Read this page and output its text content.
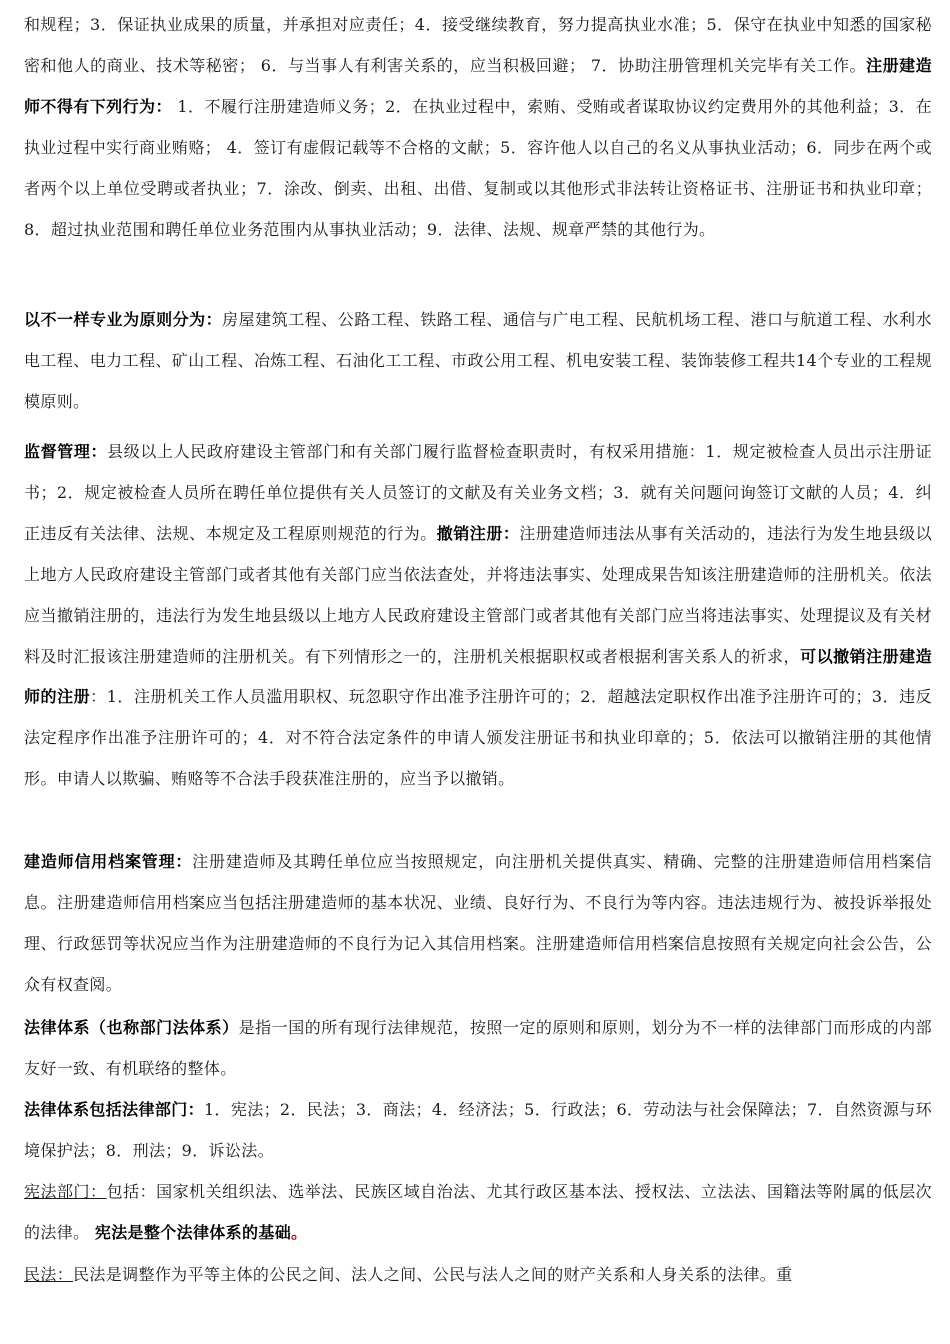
和规程；3．保证执业成果的质量，并承担对应责任；4．接受继续教育，努力提高执业水准；5．保守在执业中知悉的国家秘密和他人的商业、技术等秘密； 6．与当事人有利害关系的，应当积极回避； 7．协助注册管理机关完毕有关工作。注册建造师不得有下列行为： 1．不履行注册建造师义务；2．在执业过程中，索贿、受贿或者谋取协议约定费用外的其他利益；3．在执业过程中实行商业贿赂； 4．签订有虚假记载等不合格的文献；5．容许他人以自己的名义从事执业活动；6．同步在两个或者两个以上单位受聘或者执业；7．涂改、倒卖、出租、出借、复制或以其他形式非法转让资格证书、注册证书和执业印章；8．超过执业范围和聘任单位业务范围内从事执业活动；9．法律、法规、规章严禁的其他行为。

以不一样专业为原则分为：房屋建筑工程、公路工程、铁路工程、通信与广电工程、民航机场工程、港口与航道工程、水利水电工程、电力工程、矿山工程、冶炼工程、石油化工工程、市政公用工程、机电安装工程、装饰装修工程共14个专业的工程规模原则。

监督管理：县级以上人民政府建设主管部门和有关部门履行监督检查职责时，有权采用措施：1．规定被检查人员出示注册证书；2．规定被检查人员所在聘任单位提供有关人员签订的文献及有关业务文档；3．就有关问题问询签订文献的人员；4．纠正违反有关法律、法规、本规定及工程原则规范的行为。撤销注册：注册建造师违法从事有关活动的，违法行为发生地县级以上地方人民政府建设主管部门或者其他有关部门应当依法查处，并将违法事实、处理成果告知该注册建造师的注册机关。依法应当撤销注册的，违法行为发生地县级以上地方人民政府建设主管部门或者其他有关部门应当将违法事实、处理提议及有关材料及时汇报该注册建造师的注册机关。有下列情形之一的，注册机关根据职权或者根据利害关系人的祈求，可以撤销注册建造师的注册：1．注册机关工作人员滥用职权、玩忽职守作出准予注册许可的；2．超越法定职权作出准予注册许可的；3．违反法定程序作出准予注册许可的；4．对不符合法定条件的申请人颁发注册证书和执业印章的；5．依法可以撤销注册的其他情形。申请人以欺骗、贿赂等不合法手段获准注册的，应当予以撤销。

建造师信用档案管理：注册建造师及其聘任单位应当按照规定，向注册机关提供真实、精确、完整的注册建造师信用档案信息。注册建造师信用档案应当包括注册建造师的基本状况、业绩、良好行为、不良行为等内容。违法违规行为、被投诉举报处理、行政惩罚等状况应当作为注册建造师的不良行为记入其信用档案。注册建造师信用档案信息按照有关规定向社会公告，公众有权查阅。

法律体系（也称部门法体系）是指一国的所有现行法律规范，按照一定的原则和原则，划分为不一样的法律部门而形成的内部友好一致、有机联络的整体。

法律体系包括法律部门：1．宪法；2．民法；3．商法；4．经济法；5．行政法；6．劳动法与社会保障法；7．自然资源与环境保护法；8．刑法；9．诉讼法。

宪法部门：包括：国家机关组织法、选举法、民族区域自治法、尤其行政区基本法、授权法、立法法、国籍法等附属的低层次的法律。 宪法是整个法律体系的基础。

民法：民法是调整作为平等主体的公民之间、法人之间、公民与法人之间的财产关系和人身关系的法律。重
